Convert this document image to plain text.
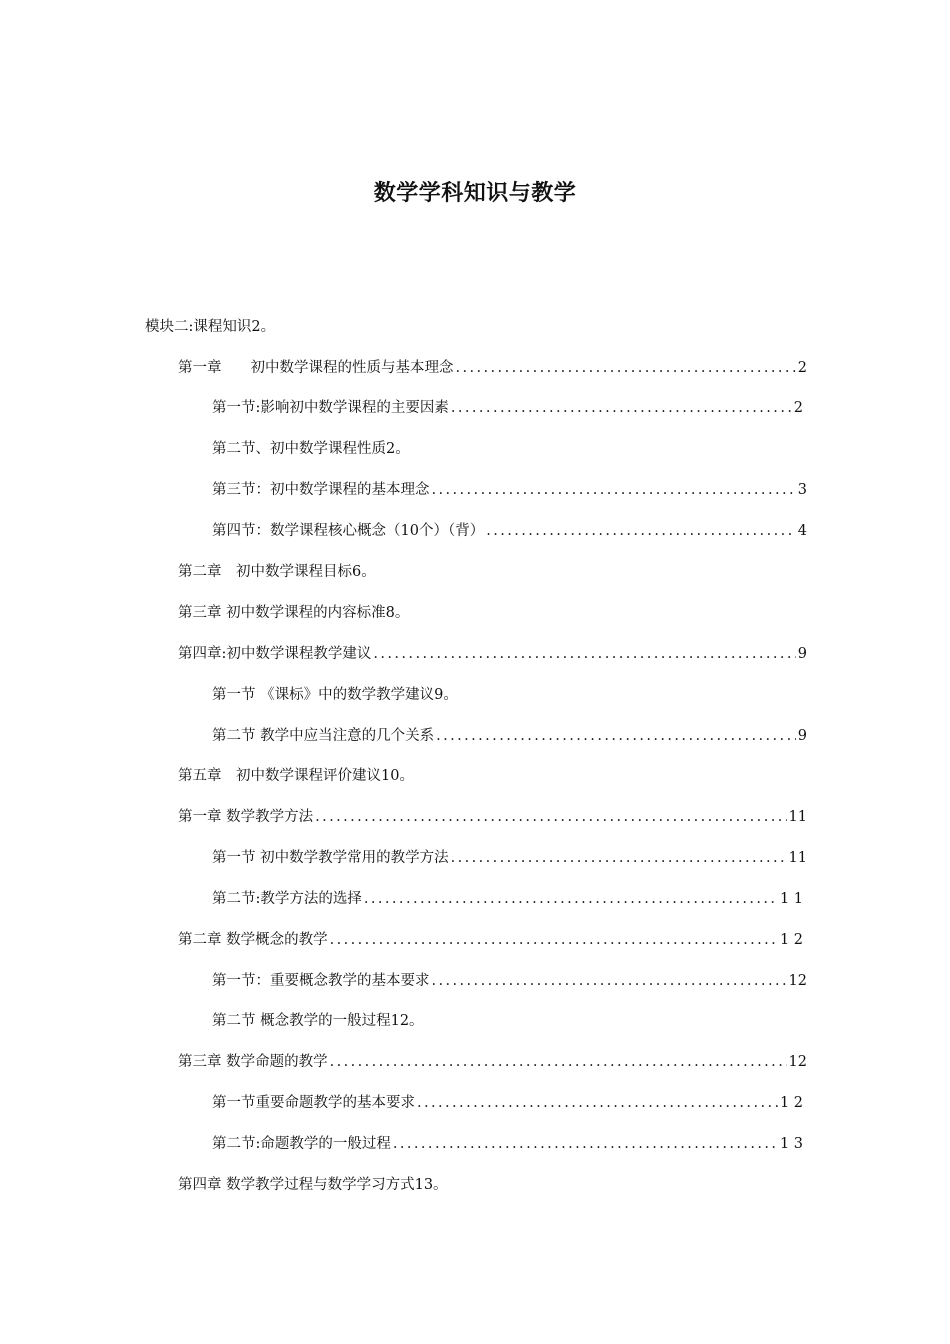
数学学科知识与教学
模块二:课程知识2。
第一章　　初中数学课程的性质与基本理念 .....	2
第一节:影响初中数学课程的主要因素 .....	2
第二节、初中数学课程性质2。
第三节：初中数学课程的基本理念 .....	3
第四节：数学课程核心概念（10个）（背） .....	4
第二章　初中数学课程目标6。
第三章 初中数学课程的内容标准8。
第四章:初中数学课程教学建议 .....	9
第一节 《课标》中的数学教学建议9。
第二节 教学中应当注意的几个关系 .....	9
第五章　初中数学课程评价建议10。
第一章 数学教学方法 .....	11
第一节 初中数学教学常用的教学方法 .....	11
第二节:教学方法的选择 .....	1 1
第二章 数学概念的教学 .....	1 2
第一节：重要概念教学的基本要求 .....	12
第二节 概念教学的一般过程12。
第三章 数学命题的教学 .....	12
第一节重要命题教学的基本要求 .....	1 2
第二节:命题教学的一般过程 .....	1 3
第四章 数学教学过程与数学学习方式13。
